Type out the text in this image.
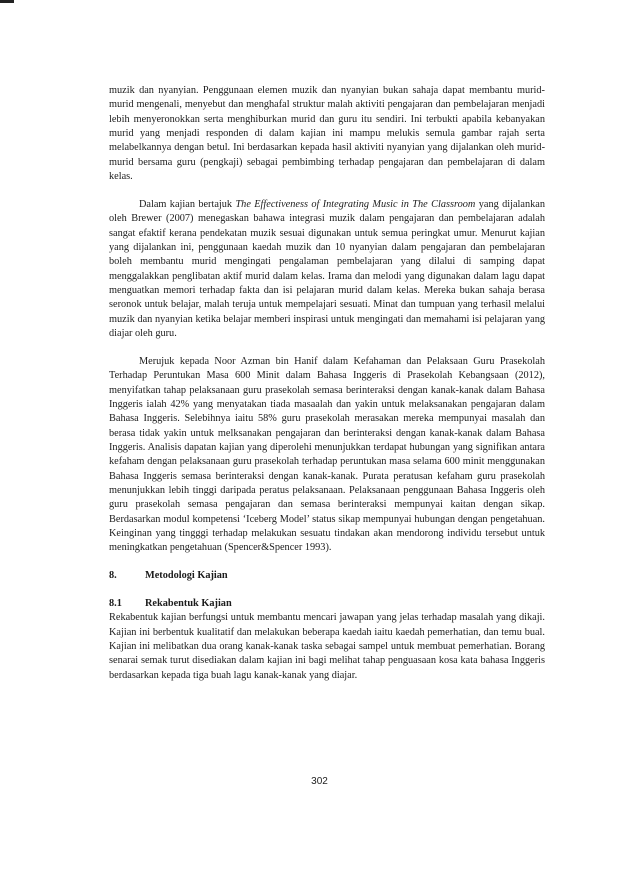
muzik dan nyanyian. Penggunaan elemen muzik dan nyanyian bukan sahaja dapat membantu murid-murid mengenali, menyebut dan menghafal struktur malah aktiviti pengajaran dan pembelajaran menjadi lebih menyeronokkan serta menghiburkan murid dan guru itu sendiri. Ini terbukti apabila kebanyakan murid yang menjadi responden di dalam kajian ini mampu melukis semula gambar rajah serta melabelkannya dengan betul. Ini berdasarkan kepada hasil aktiviti nyanyian yang dijalankan oleh murid-murid bersama guru (pengkaji) sebagai pembimbing terhadap pengajaran dan pembelajaran di dalam kelas.

Dalam kajian bertajuk The Effectiveness of Integrating Music in The Classroom yang dijalankan oleh Brewer (2007) menegaskan bahawa integrasi muzik dalam pengajaran dan pembelajaran adalah sangat efaktif kerana pendekatan muzik sesuai digunakan untuk semua peringkat umur. Menurut kajian yang dijalankan ini, penggunaan kaedah muzik dan 10 nyanyian dalam pengajaran dan pembelajaran boleh membantu murid mengingati pengalaman pembelajaran yang dilalui di samping dapat menggalakkan penglibatan aktif murid dalam kelas. Irama dan melodi yang digunakan dalam lagu dapat menguatkan memori terhadap fakta dan isi pelajaran murid dalam kelas. Mereka bukan sahaja berasa seronok untuk belajar, malah teruja untuk mempelajari sesuati. Minat dan tumpuan yang terhasil melalui muzik dan nyanyian ketika belajar memberi inspirasi untuk mengingati dan memahami isi pelajaran yang diajar oleh guru.

Merujuk kepada Noor Azman bin Hanif dalam Kefahaman dan Pelaksaan Guru Prasekolah Terhadap Peruntukan Masa 600 Minit dalam Bahasa Inggeris di Prasekolah Kebangsaan (2012), menyifatkan tahap pelaksanaan guru prasekolah semasa berinteraksi dengan kanak-kanak dalam Bahasa Inggeris ialah 42% yang menyatakan tiada masaalah dan yakin untuk melaksanakan pengajaran dalam Bahasa Inggeris. Selebihnya iaitu 58% guru prasekolah merasakan mereka mempunyai masalah dan berasa tidak yakin untuk melksanakan pengajaran dan berinteraksi dengan kanak-kanak dalam Bahasa Inggeris. Analisis dapatan kajian yang diperolehi menunjukkan terdapat hubungan yang signifikan antara kefaham dengan pelaksanaan guru prasekolah terhadap peruntukan masa selama 600 minit menggunakan Bahasa Inggeris semasa berinteraksi dengan kanak-kanak. Purata peratusan kefaham guru prasekolah menunjukkan lebih tinggi daripada peratus pelaksanaan. Pelaksanaan penggunaan Bahasa Inggeris oleh guru prasekolah semasa pengajaran dan semasa berinteraksi mempunyai kaitan dengan sikap. Berdasarkan modul kompetensi ‘Iceberg Model’ status sikap mempunyai hubungan dengan pengetahuan. Keinginan yang tingggi terhadap melakukan sesuatu tindakan akan mendorong individu tersebut untuk meningkatkan pengetahuan (Spencer&Spencer 1993).

8.	Metodologi Kajian

8.1	Rekabentuk Kajian

Rekabentuk kajian berfungsi untuk membantu mencari jawapan yang jelas terhadap masalah yang dikaji. Kajian ini berbentuk kualitatif dan melakukan beberapa kaedah iaitu kaedah pemerhatian, dan temu bual. Kajian ini melibatkan dua orang kanak-kanak taska sebagai sampel untuk membuat pemerhatian. Borang senarai semak turut disediakan dalam kajian ini bagi melihat tahap penguasaan kosa kata bahasa Inggeris berdasarkan kepada tiga buah lagu kanak-kanak yang diajar.

302
